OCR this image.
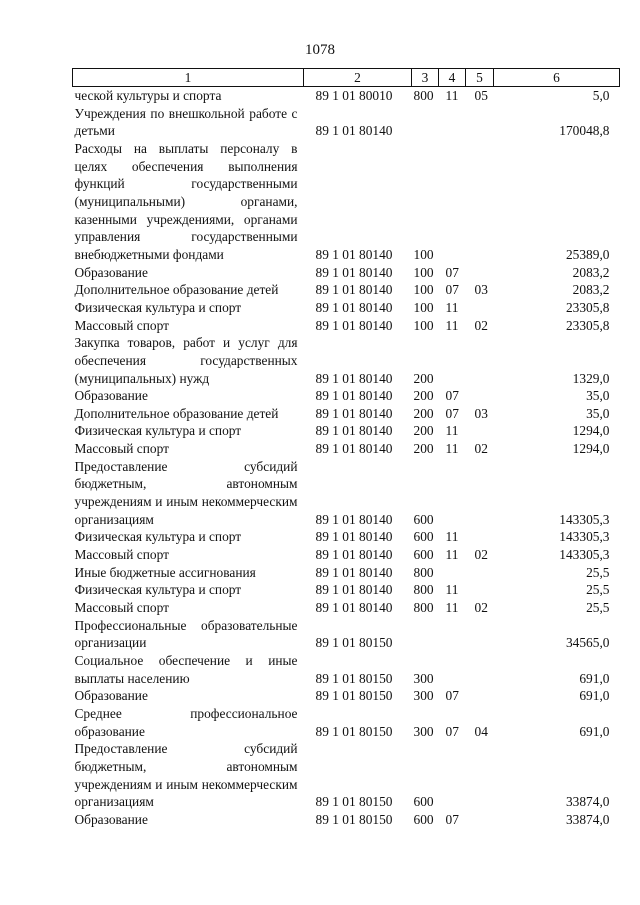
1078
1	2	3	4	5	6
ческой культуры и спорта	89 1 01 80010	800	11	05	5,0
Учреждения по внешкольной работе с детьми	89 1 01 80140				170048,8
Расходы на выплаты персоналу в целях обеспечения выполнения функций государственными (муниципальными) органами, казенными учреждениями, органами управления государственными внебюджетными фондами	89 1 01 80140	100			25389,0
Образование	89 1 01 80140	100	07		2083,2
Дополнительное образование детей	89 1 01 80140	100	07	03	2083,2
Физическая культура и спорт	89 1 01 80140	100	11		23305,8
Массовый спорт	89 1 01 80140	100	11	02	23305,8
Закупка товаров, работ и услуг для обеспечения государственных (муниципальных) нужд	89 1 01 80140	200			1329,0
Образование	89 1 01 80140	200	07		35,0
Дополнительное образование детей	89 1 01 80140	200	07	03	35,0
Физическая культура и спорт	89 1 01 80140	200	11		1294,0
Массовый спорт	89 1 01 80140	200	11	02	1294,0
Предоставление субсидий бюджетным, автономным учреждениям и иным некоммерческим организациям	89 1 01 80140	600			143305,3
Физическая культура и спорт	89 1 01 80140	600	11		143305,3
Массовый спорт	89 1 01 80140	600	11	02	143305,3
Иные бюджетные ассигнования	89 1 01 80140	800			25,5
Физическая культура и спорт	89 1 01 80140	800	11		25,5
Массовый спорт	89 1 01 80140	800	11	02	25,5
Профессиональные образовательные организации	89 1 01 80150				34565,0
Социальное обеспечение и иные выплаты населению	89 1 01 80150	300			691,0
Образование	89 1 01 80150	300	07		691,0
Среднее профессиональное образование	89 1 01 80150	300	07	04	691,0
Предоставление субсидий бюджетным, автономным учреждениям и иным некоммерческим организациям	89 1 01 80150	600			33874,0
Образование	89 1 01 80150	600	07		33874,0
